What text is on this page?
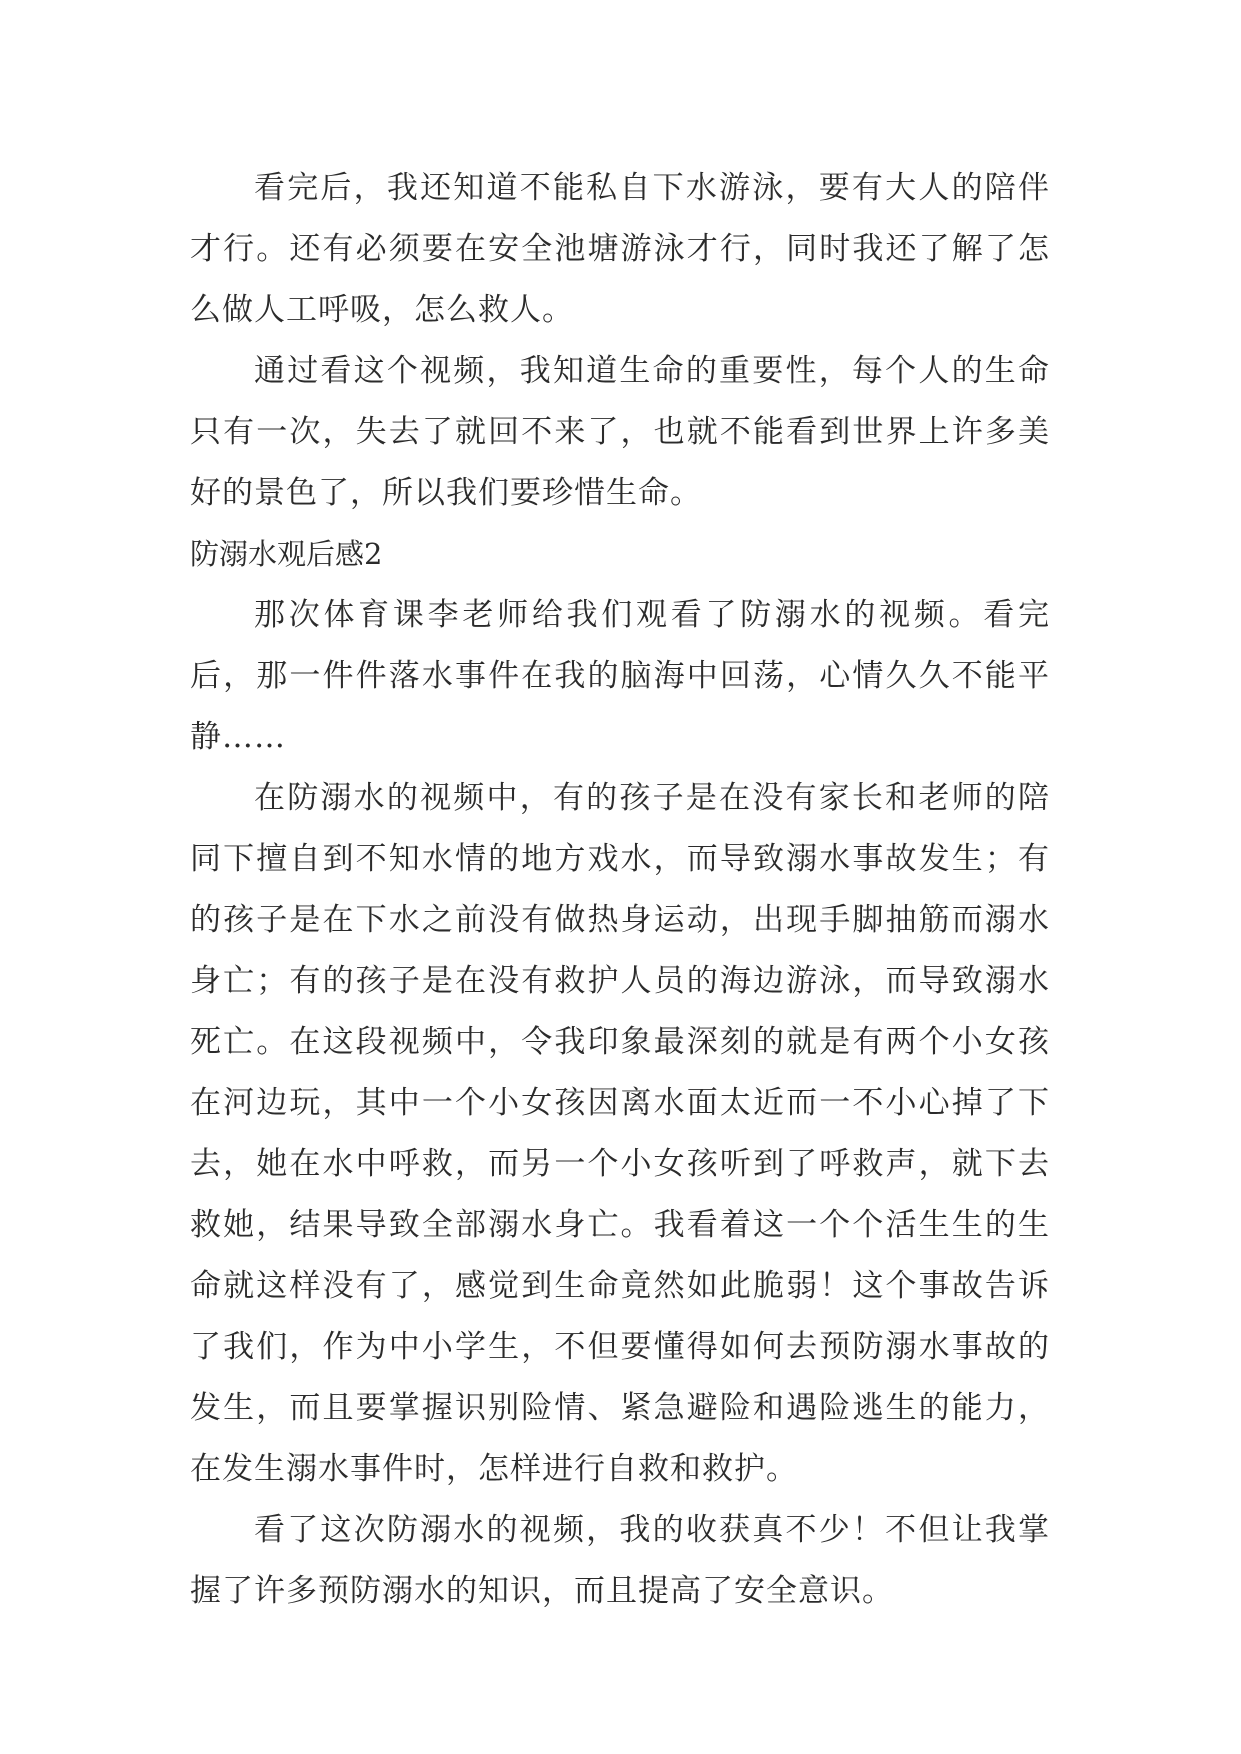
看完后，我还知道不能私自下水游泳，要有大人的陪伴才行。还有必须要在安全池塘游泳才行，同时我还了解了怎么做人工呼吸，怎么救人。

通过看这个视频，我知道生命的重要性，每个人的生命只有一次，失去了就回不来了，也就不能看到世界上许多美好的景色了，所以我们要珍惜生命。

防溺水观后感2

那次体育课李老师给我们观看了防溺水的视频。看完后，那一件件落水事件在我的脑海中回荡，心情久久不能平静……

在防溺水的视频中，有的孩子是在没有家长和老师的陪同下擅自到不知水情的地方戏水，而导致溺水事故发生；有的孩子是在下水之前没有做热身运动，出现手脚抽筋而溺水身亡；有的孩子是在没有救护人员的海边游泳，而导致溺水死亡。在这段视频中，令我印象最深刻的就是有两个小女孩在河边玩，其中一个小女孩因离水面太近而一不小心掉了下去，她在水中呼救，而另一个小女孩听到了呼救声，就下去救她，结果导致全部溺水身亡。我看着这一个个活生生的生命就这样没有了，感觉到生命竟然如此脆弱！这个事故告诉了我们，作为中小学生，不但要懂得如何去预防溺水事故的发生，而且要掌握识别险情、紧急避险和遇险逃生的能力，在发生溺水事件时，怎样进行自救和救护。

看了这次防溺水的视频，我的收获真不少！不但让我掌握了许多预防溺水的知识，而且提高了安全意识。
